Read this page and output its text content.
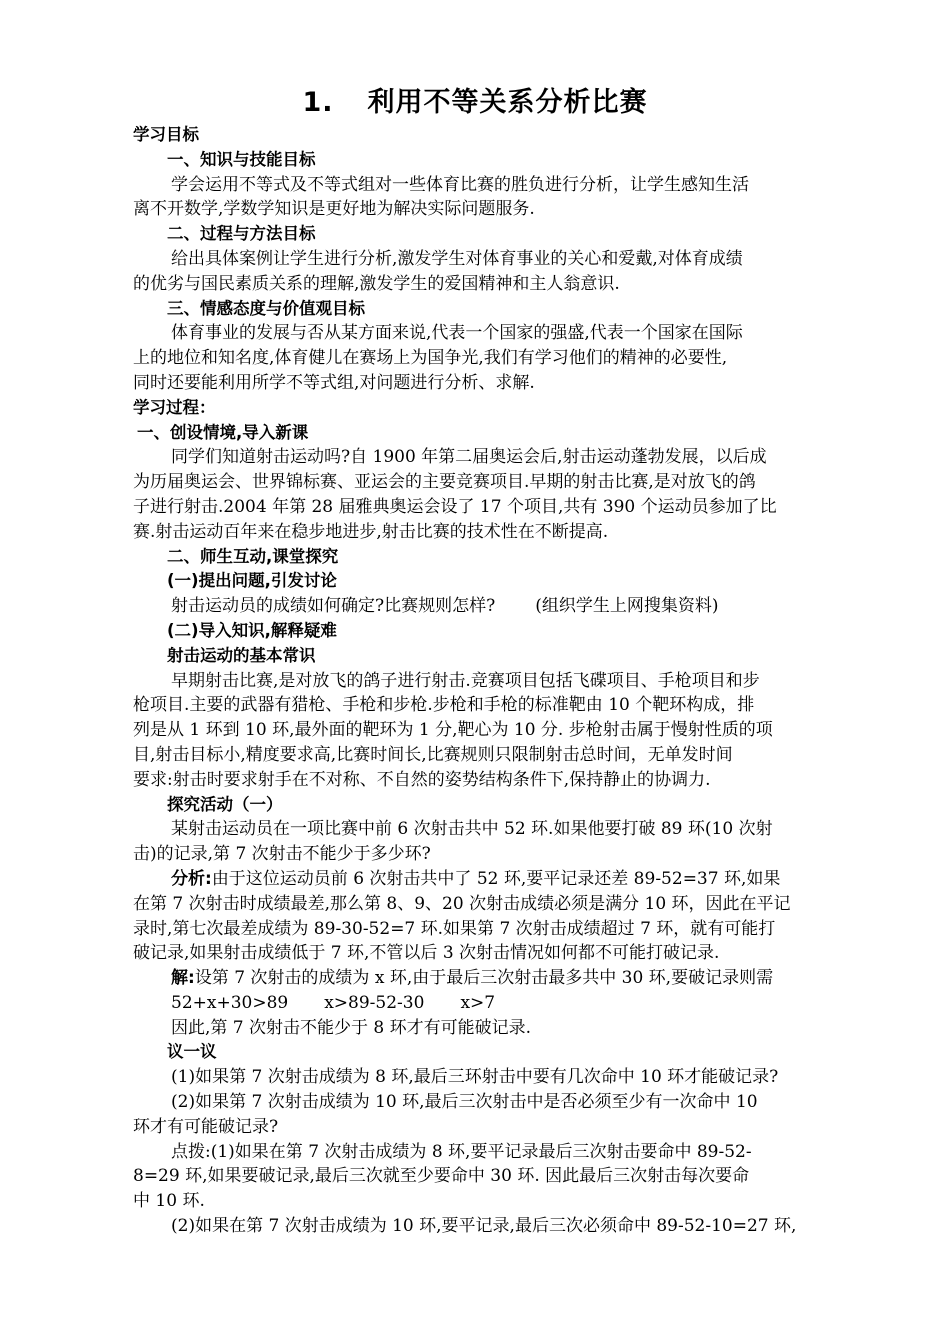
1. 利用不等关系分析比赛

学习目标

一、知识与技能目标

学会运用不等式及不等式组对一些体育比赛的胜负进行分析，让学生感知生活

离不开数学,学数学知识是更好地为解决实际问题服务.

二、过程与方法目标

给出具体案例让学生进行分析,激发学生对体育事业的关心和爱戴,对体育成绩

的优劣与国民素质关系的理解,激发学生的爱国精神和主人翁意识.

三、情感态度与价值观目标

体育事业的发展与否从某方面来说,代表一个国家的强盛,代表一个国家在国际

上的地位和知名度,体育健儿在赛场上为国争光,我们有学习他们的精神的必要性,

同时还要能利用所学不等式组,对问题进行分析、求解.

学习过程：

一、创设情境,导入新课

同学们知道射击运动吗?自 1900 年第二届奥运会后,射击运动蓬勃发展，以后成

为历届奥运会、世界锦标赛、亚运会的主要竞赛项目.早期的射击比赛,是对放飞的鸽

子进行射击.2004 年第 28 届雅典奥运会设了 17 个项目,共有 390 个运动员参加了比

赛.射击运动百年来在稳步地进步,射击比赛的技术性在不断提高.

二、师生互动,课堂探究

(一)提出问题,引发讨论

射击运动员的成绩如何确定?比赛规则怎样? (组织学生上网搜集资料)

(二)导入知识,解释疑难

射击运动的基本常识

早期射击比赛,是对放飞的鸽子进行射击.竞赛项目包括飞碟项目、手枪项目和步

枪项目.主要的武器有猎枪、手枪和步枪.步枪和手枪的标准靶由 10 个靶环构成，排

列是从 1 环到 10 环,最外面的靶环为 1 分,靶心为 10 分. 步枪射击属于慢射性质的项

目,射击目标小,精度要求高,比赛时间长,比赛规则只限制射击总时间，无单发时间

要求:射击时要求射手在不对称、不自然的姿势结构条件下,保持静止的协调力.

探究活动（一）

某射击运动员在一项比赛中前 6 次射击共中 52 环.如果他要打破 89 环(10 次射

击)的记录,第 7 次射击不能少于多少环?

分析:由于这位运动员前 6 次射击共中了 52 环,要平记录还差 89-52=37 环,如果

在第 7 次射击时成绩最差,那么第 8、9、20 次射击成绩必须是满分 10 环，因此在平记

录时,第七次最差成绩为 89-30-52=7 环.如果第 7 次射击成绩超过 7 环，就有可能打

破记录,如果射击成绩低于 7 环,不管以后 3 次射击情况如何都不可能打破记录.

解:设第 7 次射击的成绩为 x 环,由于最后三次射击最多共中 30 环,要破记录则需

52+x+30>89 x>89-52-30 x>7

因此,第 7 次射击不能少于 8 环才有可能破记录.

议一议

(1)如果第 7 次射击成绩为 8 环,最后三环射击中要有几次命中 10 环才能破记录?

(2)如果第 7 次射击成绩为 10 环,最后三次射击中是否必须至少有一次命中 10

环才有可能破记录?

点拨:(1)如果在第 7 次射击成绩为 8 环,要平记录最后三次射击要命中 89-52-

8=29 环,如果要破记录,最后三次就至少要命中 30 环. 因此最后三次射击每次要命

中 10 环.

(2)如果在第 7 次射击成绩为 10 环,要平记录,最后三次必须命中 89-52-10=27 环,
